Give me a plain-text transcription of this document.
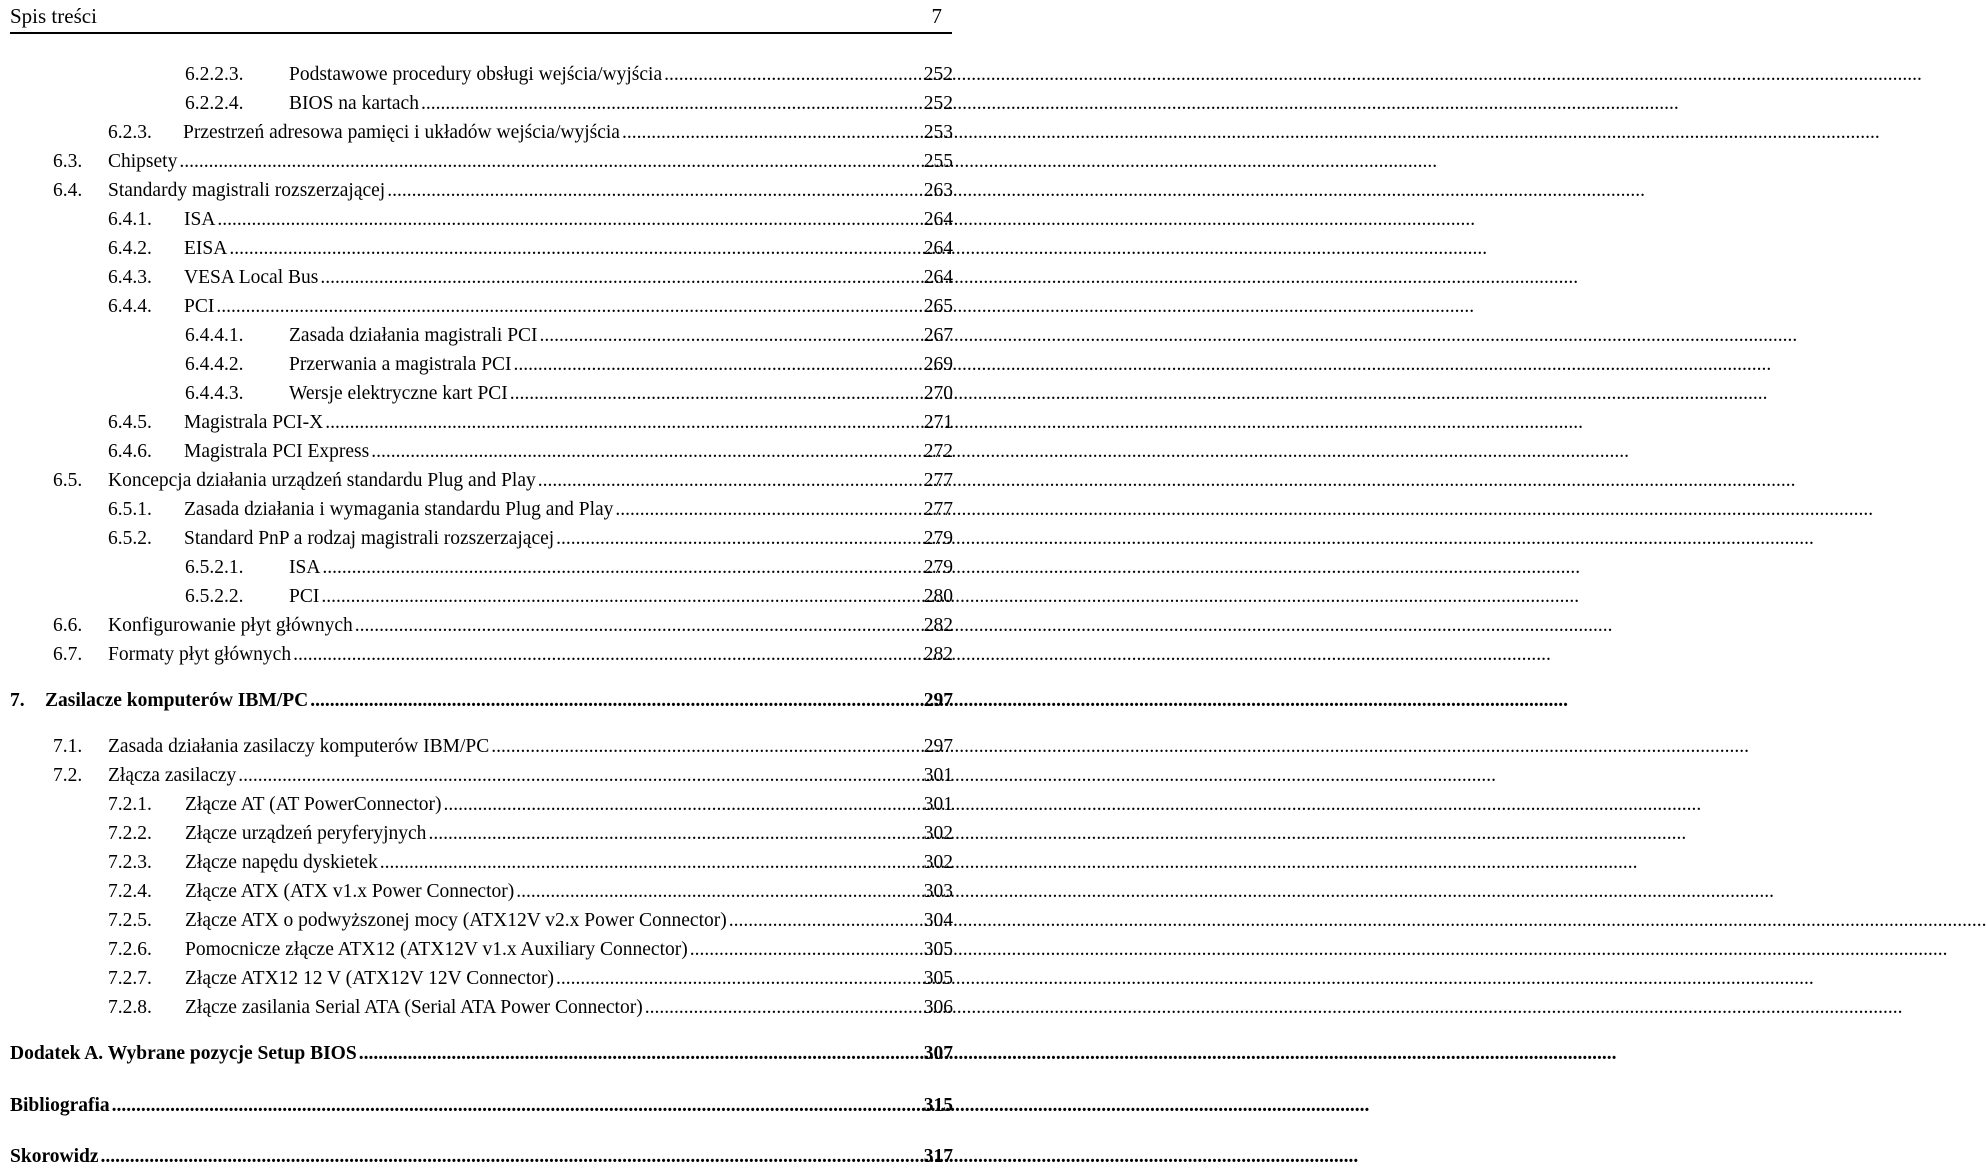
Spis treści	7
6.2.2.3.	Podstawowe procedury obsługi wejścia/wyjścia .....	252
6.2.2.4.	BIOS na kartach .....	252
6.2.3.	Przestrzeń adresowa pamięci i układów wejścia/wyjścia .....	253
6.3.	Chipsety .....	255
6.4.	Standardy magistrali rozszerzającej .....	263
6.4.1.	ISA .....	264
6.4.2.	EISA .....	264
6.4.3.	VESA Local Bus .....	264
6.4.4.	PCI .....	265
6.4.4.1.	Zasada działania magistrali PCI .....	267
6.4.4.2.	Przerwania a magistrala PCI .....	269
6.4.4.3.	Wersje elektryczne kart PCI .....	270
6.4.5.	Magistrala PCI-X .....	271
6.4.6.	Magistrala PCI Express .....	272
6.5.	Koncepcja działania urządzeń standardu Plug and Play .....	277
6.5.1.	Zasada działania i wymagania standardu Plug and Play .....	277
6.5.2.	Standard PnP a rodzaj magistrali rozszerzającej .....	279
6.5.2.1.	ISA .....	279
6.5.2.2.	PCI .....	280
6.6.	Konfigurowanie płyt głównych .....	282
6.7.	Formaty płyt głównych .....	282
7.	Zasilacze komputerów IBM/PC .....	297
7.1.	Zasada działania zasilaczy komputerów IBM/PC .....	297
7.2.	Złącza zasilaczy .....	301
7.2.1.	Złącze AT (AT PowerConnector) .....	301
7.2.2.	Złącze urządzeń peryferyjnych .....	302
7.2.3.	Złącze napędu dyskietek .....	302
7.2.4.	Złącze ATX (ATX v1.x Power Connector) .....	303
7.2.5.	Złącze ATX o podwyższonej mocy (ATX12V v2.x Power Connector) .....	304
7.2.6.	Pomocnicze złącze ATX12 (ATX12V v1.x Auxiliary Connector) .....	305
7.2.7.	Złącze ATX12 12 V (ATX12V 12V Connector) .....	305
7.2.8.	Złącze zasilania Serial ATA (Serial ATA Power Connector) .....	306
Dodatek A. Wybrane pozycje Setup BIOS .....	307
Bibliografia .....	315
Skorowidz .....	317
